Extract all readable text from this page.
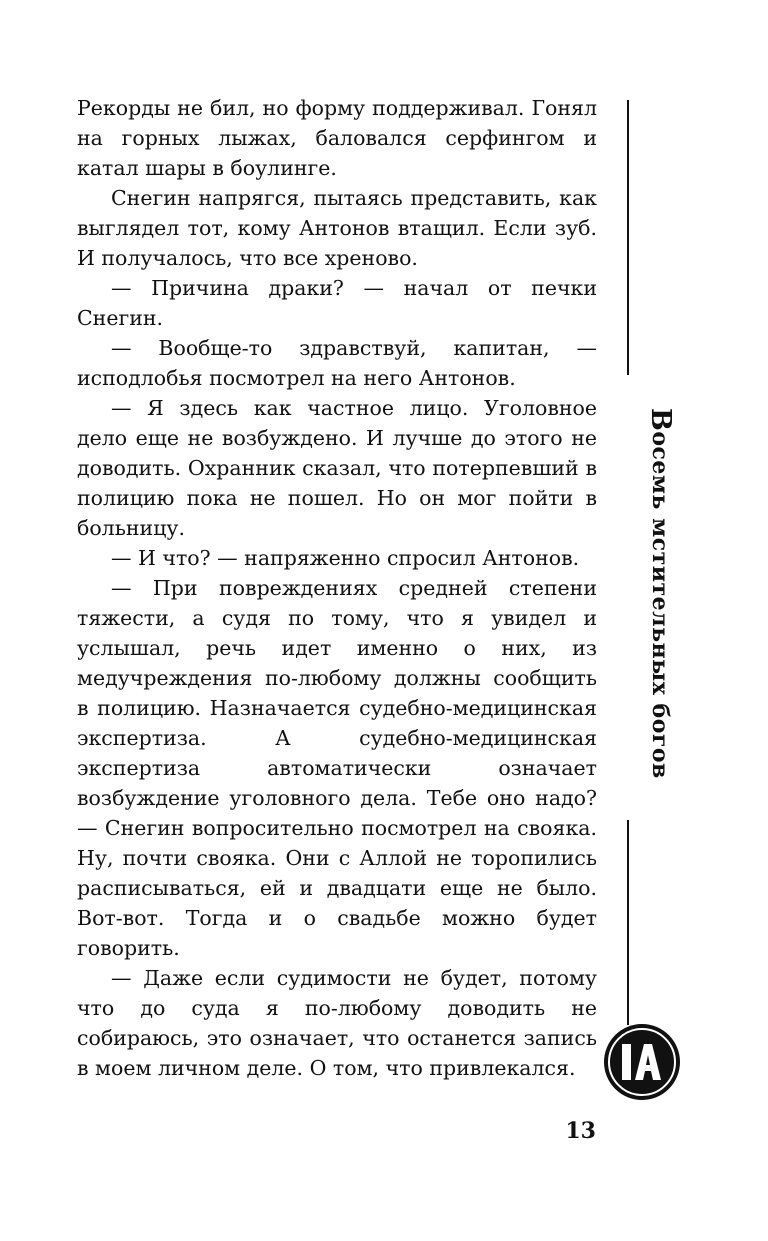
Рекорды не бил, но форму поддерживал. Гонял на горных лыжах, баловался серфингом и катал шары в боулинге.

Снегин напрягся, пытаясь представить, как выглядел тот, кому Антонов втащил. Если зуб. И получалось, что все хреново.

— Причина драки? — начал от печки Снегин.

— Вообще-то здравствуй, капитан, — исподлобья посмотрел на него Антонов.

— Я здесь как частное лицо. Уголовное дело еще не возбуждено. И лучше до этого не доводить. Охранник сказал, что потерпевший в полицию пока не пошел. Но он мог пойти в больницу.

— И что? — напряженно спросил Антонов.

— При повреждениях средней степени тяжести, а судя по тому, что я увидел и услышал, речь идет именно о них, из медучреждения по-любому должны сообщить в полицию. Назначается судебно-медицинская экспертиза. А судебно-медицинская экспертиза автоматически означает возбуждение уголовного дела. Тебе оно надо? — Снегин вопросительно посмотрел на свояка. Ну, почти свояка. Они с Аллой не торопились расписываться, ей и двадцати еще не было. Вот-вот. Тогда и о свадьбе можно будет говорить.

— Даже если судимости не будет, потому что до суда я по-любому доводить не собираюсь, это означает, что останется запись в моем личном деле. О том, что привлекался.

Восемь мстительных богов
13
